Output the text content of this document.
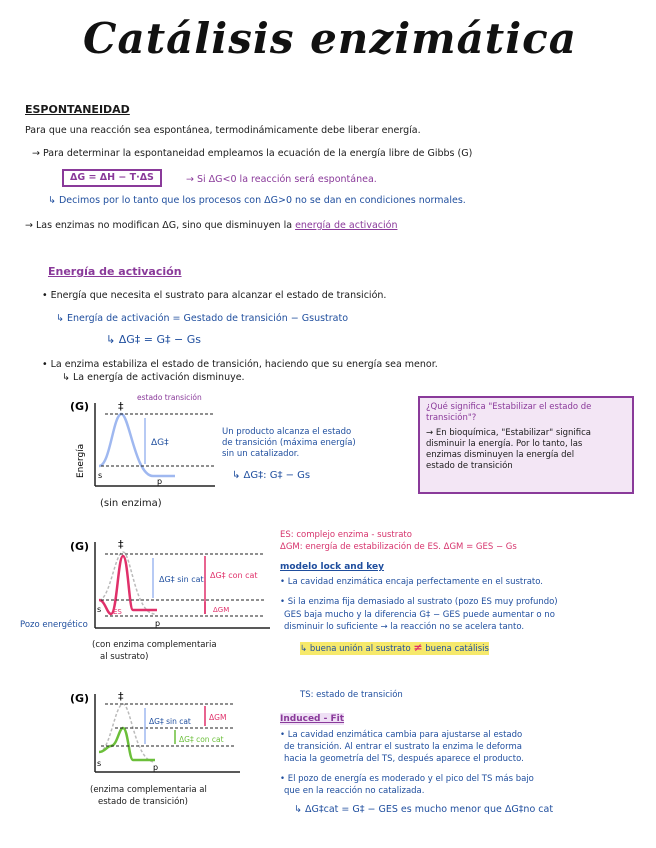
Catálisis enzimática
ESPONTANEIDAD
Para que una reacción sea espontánea, termodinámicamente debe liberar energía.
→ Para determinar la espontaneidad empleamos la ecuación de la energía libre de Gibbs (G)
ΔG = ΔH − T·ΔS	→ Si ΔG<0 la reacción será espontánea.
↳ Decimos por lo tanto que los procesos con ΔG>0 no se dan en condiciones normales.
→ Las enzimas no modifican ΔG, sino que disminuyen la energía de activación
Energía de activación
• Energía que necesita el sustrato para alcanzar el estado de transición.
↳ Energía de activación = Gestado de transición − Gsustrato
↳ ΔG‡ = G‡ − Gs
• La enzima estabiliza el estado de transición, haciendo que su energía sea menor.
↳ La energía de activación disminuye.
(G)
Energía
‡
estado transición
ΔG‡
s
p
(sin enzima)
Un producto alcanza el estado
de transición (máxima energía)
sin un catalizador.
↳ ΔG‡: G‡ − Gs
¿Qué significa "Estabilizar el estado de transición"?
→ En bioquímica, "Estabilizar" significa
disminuir la energía. Por lo tanto, las
enzimas disminuyen la energía del
estado de transición
(G)	‡
ΔG‡ sin cat ΔG‡ con cat
ΔGM
s ES
p
Pozo energético
(con enzima complementaria
al sustrato)
ES: complejo enzima - sustrato
ΔGM: energía de estabilización de ES. ΔGM = GES − Gs
modelo lock and key
• La cavidad enzimática encaja perfectamente en el sustrato.
• Si la enzima fija demasiado al sustrato (pozo ES muy profundo)
GES baja mucho y la diferencia G‡ − GES puede aumentar o no
disminuir lo suficiente → la reacción no se acelera tanto.
↳ buena unión al sustrato ≠ buena catálisis
(G)	‡
ΔG‡ sin cat
ΔG‡ con cat
ΔGM
s	p
(enzima complementaria al
estado de transición)
TS: estado de transición
Induced - Fit
• La cavidad enzimática cambia para ajustarse al estado
de transición. Al entrar el sustrato la enzima le deforma
hacia la geometría del TS, después aparece el producto.
• El pozo de energía es moderado y el pico del TS más bajo
que en la reacción no catalizada.
↳ ΔG‡cat = G‡ − GES es mucho menor que ΔG‡no cat
